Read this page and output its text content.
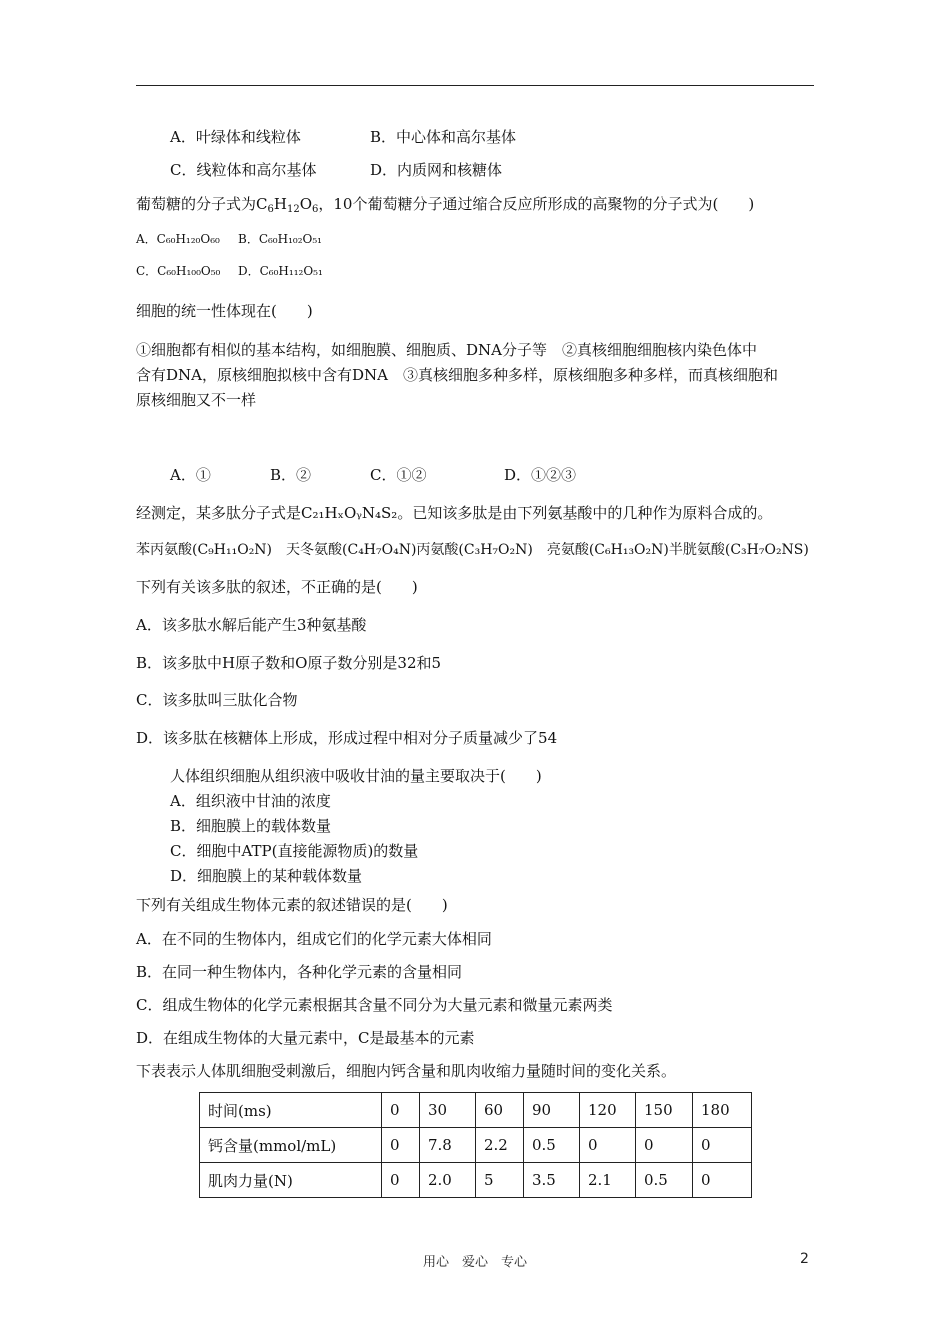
A．叶绿体和线粒体	B．中心体和高尔基体
C．线粒体和高尔基体	D．内质网和核糖体
葡萄糖的分子式为$C_6H_{12}O_6$，10个葡萄糖分子通过缩合反应所形成的高聚物的分子式为(　　)
A．C₆₀H₁₂₀O₆₀ B．C₆₀H₁₀₂O₅₁
C．C₆₀H₁₀₀O₅₀ D．C₆₀H₁₁₂O₅₁
细胞的统一性体现在(　　)
①细胞都有相似的基本结构，如细胞膜、细胞质、DNA分子等　②真核细胞细胞核内染色体中
含有DNA，原核细胞拟核中含有DNA　③真核细胞多种多样，原核细胞多种多样，而真核细胞和
原核细胞又不一样
A．①	B．②	C．①②	D．①②③
经测定，某多肽分子式是C₂₁HₓOᵧN₄S₂。已知该多肽是由下列氨基酸中的几种作为原料合成的。
苯丙氨酸(C₉H₁₁O₂N)　天冬氨酸(C₄H₇O₄N)丙氨酸(C₃H₇O₂N)　亮氨酸(C₆H₁₃O₂N)半胱氨酸(C₃H₇O₂NS)
下列有关该多肽的叙述，不正确的是(　　)
A．该多肽水解后能产生3种氨基酸
B．该多肽中H原子数和O原子数分别是32和5
C．该多肽叫三肽化合物
D．该多肽在核糖体上形成，形成过程中相对分子质量减少了54
人体组织细胞从组织液中吸收甘油的量主要取决于(　　)
A．组织液中甘油的浓度
B．细胞膜上的载体数量
C．细胞中ATP(直接能源物质)的数量
D．细胞膜上的某种载体数量
下列有关组成生物体元素的叙述错误的是(　　)
A．在不同的生物体内，组成它们的化学元素大体相同
B．在同一种生物体内，各种化学元素的含量相同
C．组成生物体的化学元素根据其含量不同分为大量元素和微量元素两类
D．在组成生物体的大量元素中，C是最基本的元素
下表表示人体肌细胞受刺激后，细胞内钙含量和肌肉收缩力量随时间的变化关系。
时间(ms)	0	30	60	90	120	150	180
钙含量(mmol/mL)	0	7.8	2.2	0.5	0	0	0
肌肉力量(N)	0	2.0	5	3.5	2.1	0.5	0
用心　爱心　专心	2
